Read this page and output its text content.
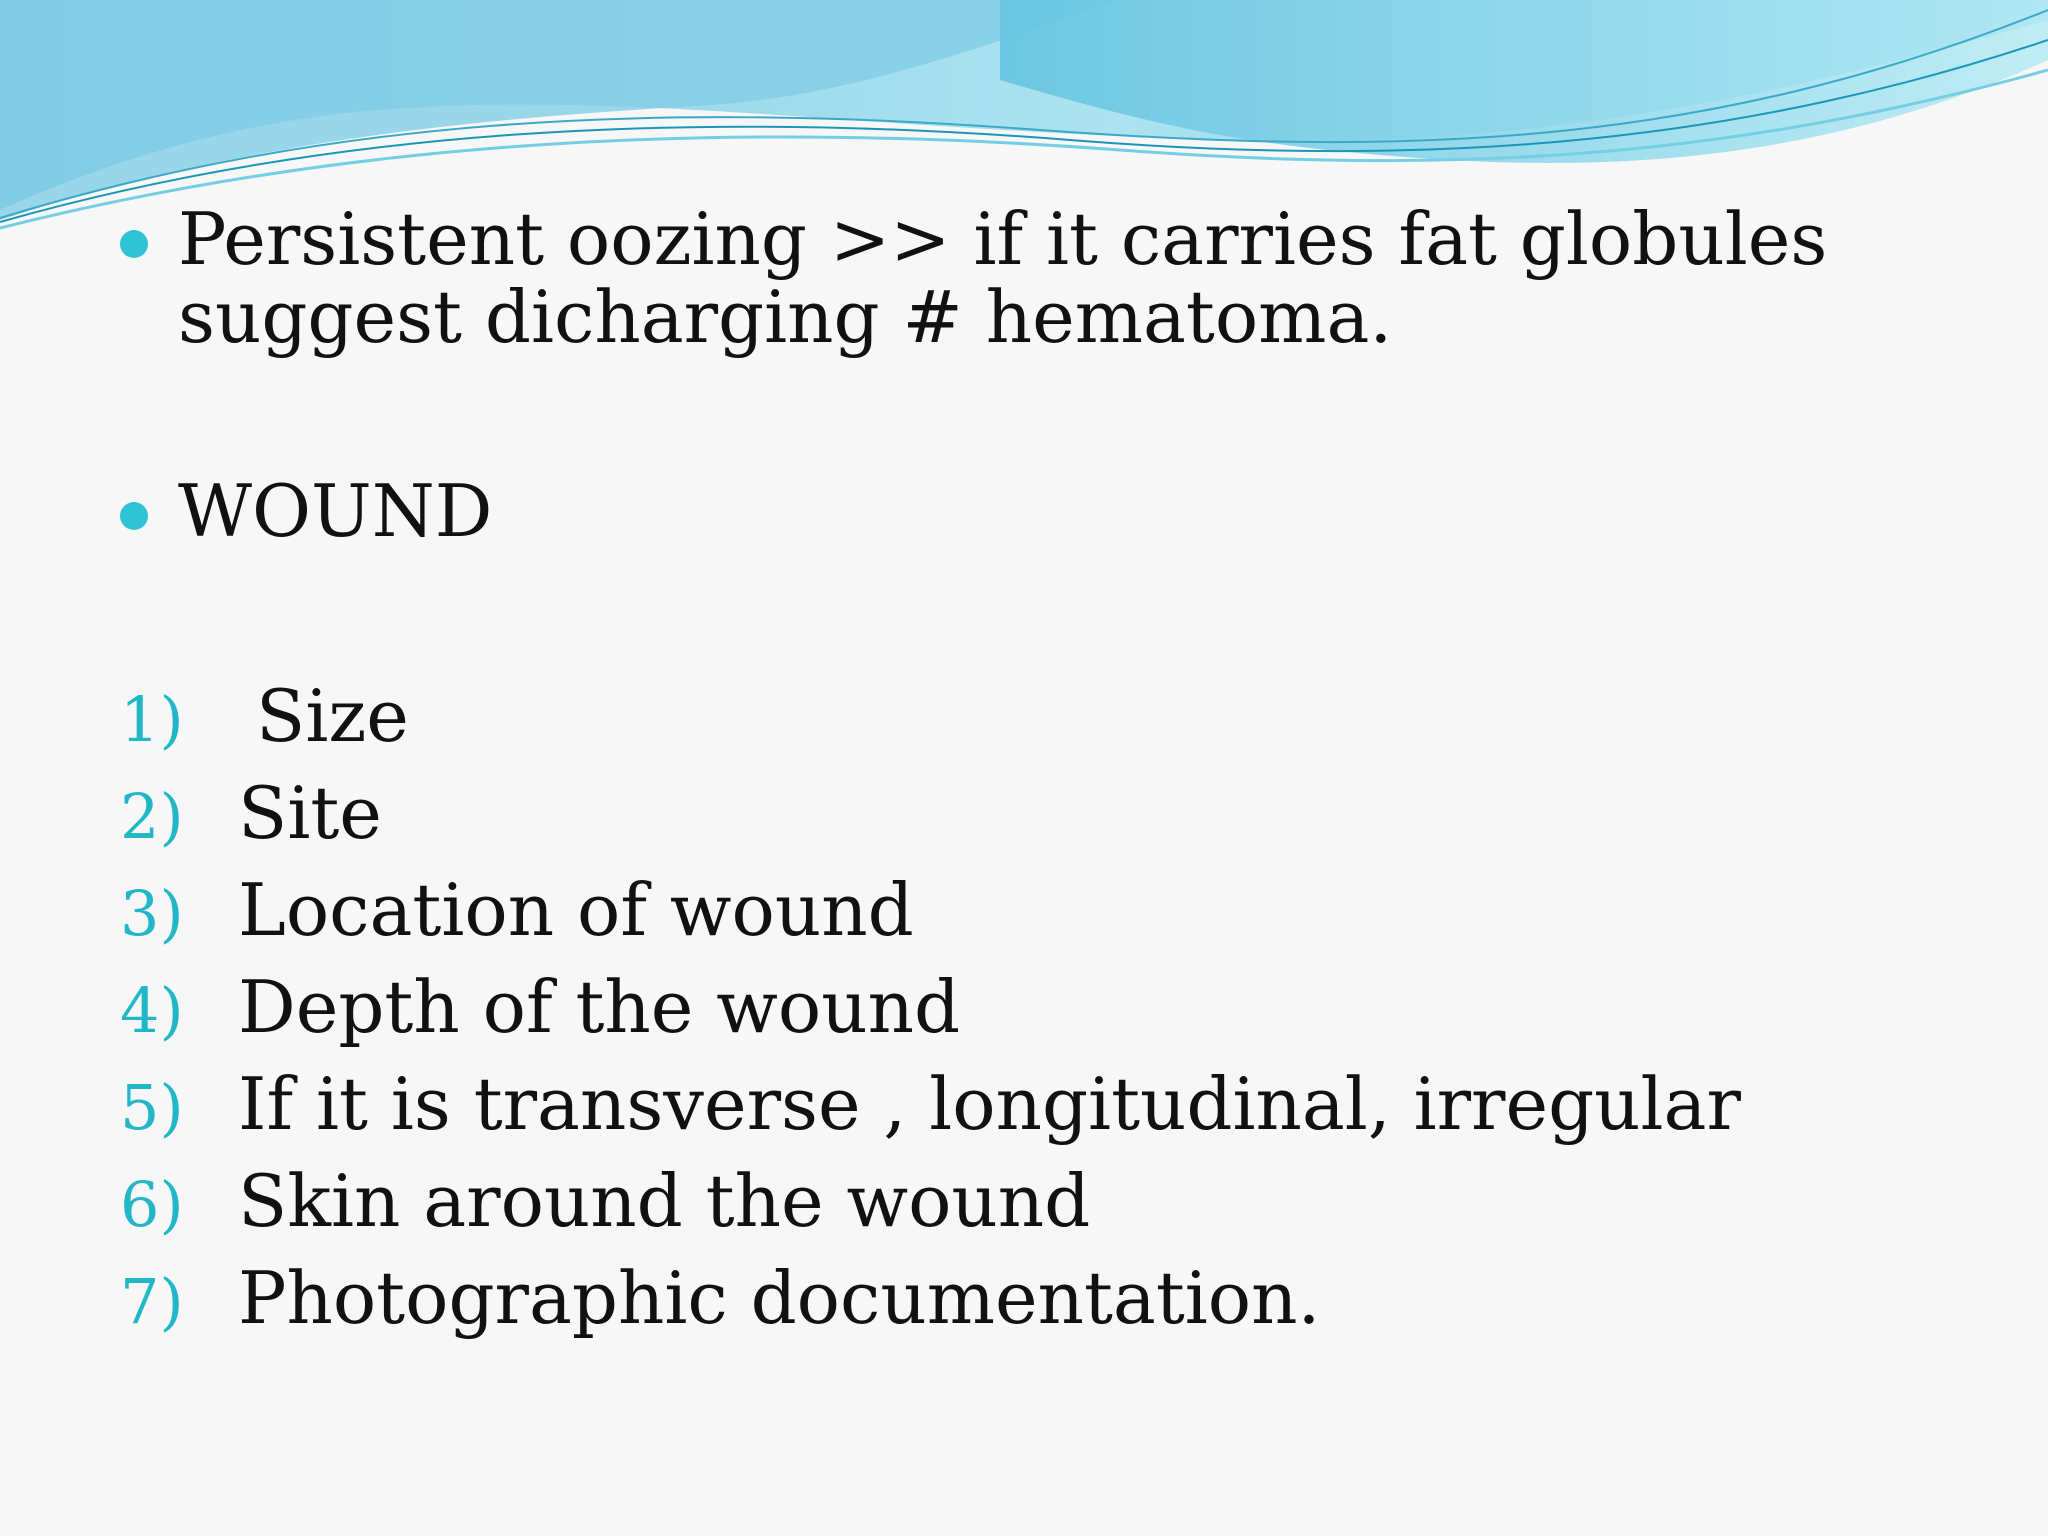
Persistent oozing >> if it carries fat globules suggest dicharging # hematoma.
WOUND
1)	Size
2) Site
3) Location of wound
4) Depth of the wound
5) If it is transverse , longitudinal, irregular
6) Skin around the wound
7) Photographic documentation.
